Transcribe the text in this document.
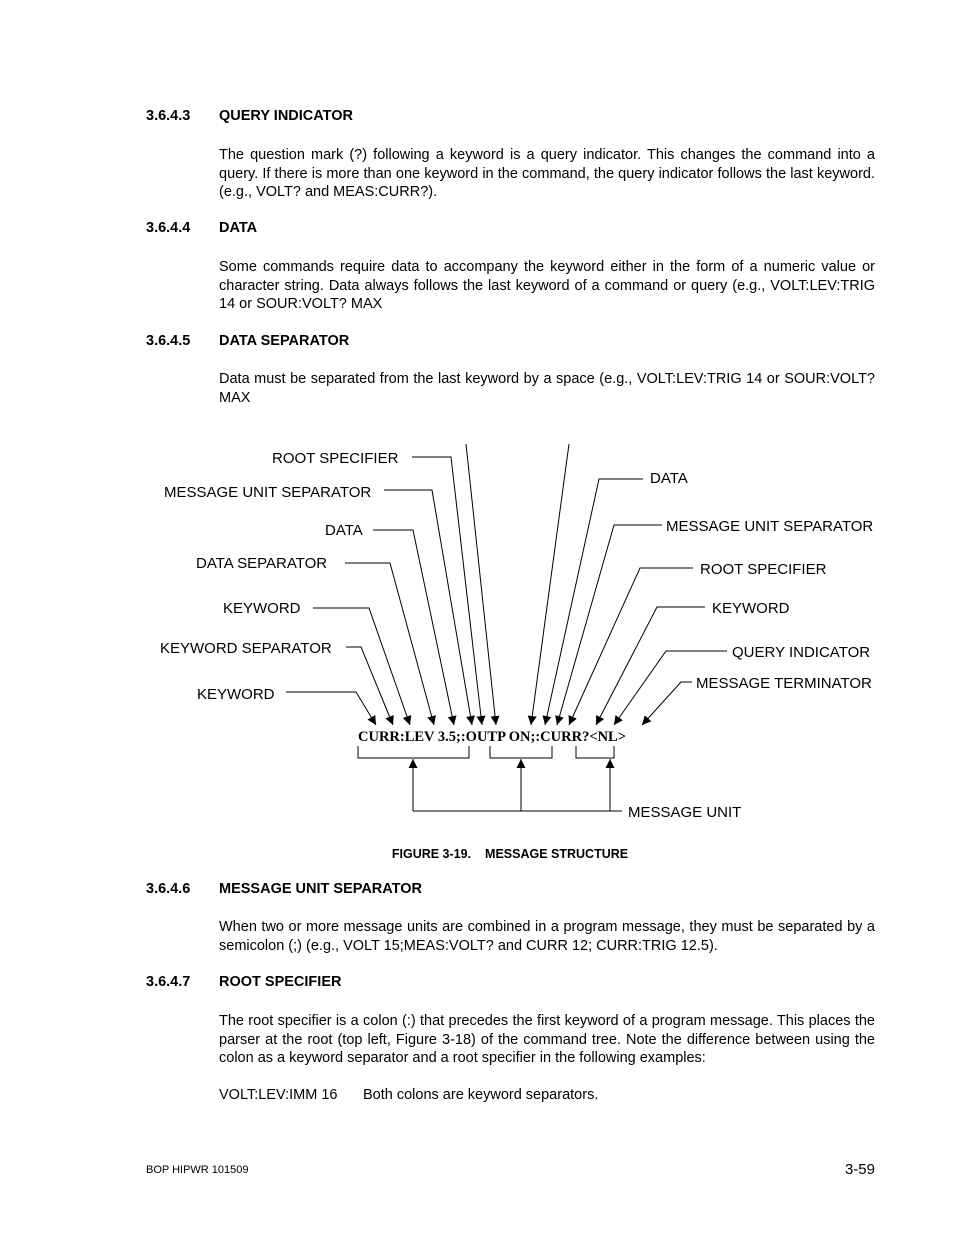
3.6.4.3 QUERY INDICATOR

The question mark (?) following a keyword is a query indicator. This changes the command into a query. If there is more than one keyword in the command, the query indicator follows the last keyword. (e.g., VOLT? and MEAS:CURR?).

3.6.4.4 DATA

Some commands require data to accompany the keyword either in the form of a numeric value or character string. Data always follows the last keyword of a command or query (e.g., VOLT:LEV:TRIG 14 or SOUR:VOLT? MAX

3.6.4.5 DATA SEPARATOR

Data must be separated from the last keyword by a space (e.g., VOLT:LEV:TRIG 14 or SOUR:VOLT? MAX

ROOT SPECIFIER
MESSAGE UNIT SEPARATOR
DATA
DATA SEPARATOR
KEYWORD
KEYWORD SEPARATOR
KEYWORD
DATA
MESSAGE UNIT SEPARATOR
ROOT SPECIFIER
KEYWORD
QUERY INDICATOR
MESSAGE TERMINATOR
CURR:LEV 3.5;:OUTP ON;:CURR?<NL>
MESSAGE UNIT

FIGURE 3-19. MESSAGE STRUCTURE

3.6.4.6 MESSAGE UNIT SEPARATOR

When two or more message units are combined in a program message, they must be separated by a semicolon (;) (e.g., VOLT 15;MEAS:VOLT? and CURR 12; CURR:TRIG 12.5).

3.6.4.7 ROOT SPECIFIER

The root specifier is a colon (:) that precedes the first keyword of a program message. This places the parser at the root (top left, Figure 3-18) of the command tree. Note the difference between using the colon as a keyword separator and a root specifier in the following examples:

VOLT:LEV:IMM 16 Both colons are keyword separators.

BOP HIPWR 101509	3-59
